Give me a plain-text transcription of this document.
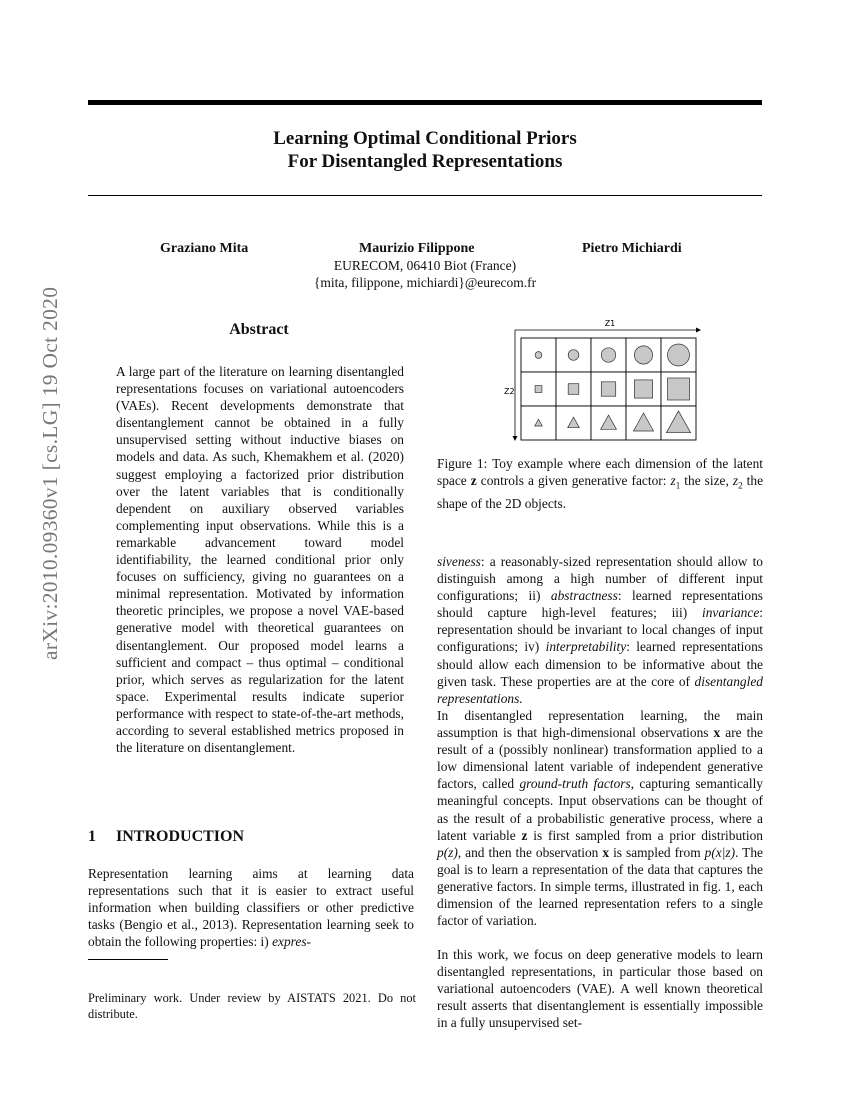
arXiv:2010.09360v1 [cs.LG] 19 Oct 2020
Learning Optimal Conditional Priors
For Disentangled Representations
Graziano Mita	Maurizio Filippone	Pietro Michiardi
EURECOM, 06410 Biot (France)
{mita, filippone, michiardi}@eurecom.fr
Abstract
A large part of the literature on learning disentangled representations focuses on variational autoencoders (VAEs). Recent developments demonstrate that disentanglement cannot be obtained in a fully unsupervised setting without inductive biases on models and data. As such, Khemakhem et al. (2020) suggest employing a factorized prior distribution over the latent variables that is conditionally dependent on auxiliary observed variables complementing input observations. While this is a remarkable advancement toward model identifiability, the learned conditional prior only focuses on sufficiency, giving no guarantees on a minimal representation. Motivated by information theoretic principles, we propose a novel VAE-based generative model with theoretical guarantees on disentanglement. Our proposed model learns a sufficient and compact – thus optimal – conditional prior, which serves as regularization for the latent space. Experimental results indicate superior performance with respect to state-of-the-art methods, according to several established metrics proposed in the literature on disentanglement.
1 INTRODUCTION
Representation learning aims at learning data representations such that it is easier to extract useful information when building classifiers or other predictive tasks (Bengio et al., 2013). Representation learning seek to obtain the following properties: i) expres-
Preliminary work. Under review by AISTATS 2021. Do not distribute.
Z1
Z2
Figure 1: Toy example where each dimension of the latent space z controls a given generative factor: $z_1$ the size, $z_2$ the shape of the 2D objects.
siveness: a reasonably-sized representation should allow to distinguish among a high number of different input configurations; ii) abstractness: learned representations should capture high-level features; iii) invariance: representation should be invariant to local changes of input configurations; iv) interpretability: learned representations should allow each dimension to be informative about the given task. These properties are at the core of disentangled representations.
In disentangled representation learning, the main assumption is that high-dimensional observations x are the result of a (possibly nonlinear) transformation applied to a low dimensional latent variable of independent generative factors, called ground-truth factors, capturing semantically meaningful concepts. Input observations can be thought of as the result of a probabilistic generative process, where a latent variable z is first sampled from a prior distribution p(z), and then the observation x is sampled from p(x|z). The goal is to learn a representation of the data that captures the generative factors. In simple terms, illustrated in fig. 1, each dimension of the learned representation refers to a single factor of variation.
In this work, we focus on deep generative models to learn disentangled representations, in particular those based on variational autoencoders (VAE). A well known theoretical result asserts that disentanglement is essentially impossible in a fully unsupervised set-
